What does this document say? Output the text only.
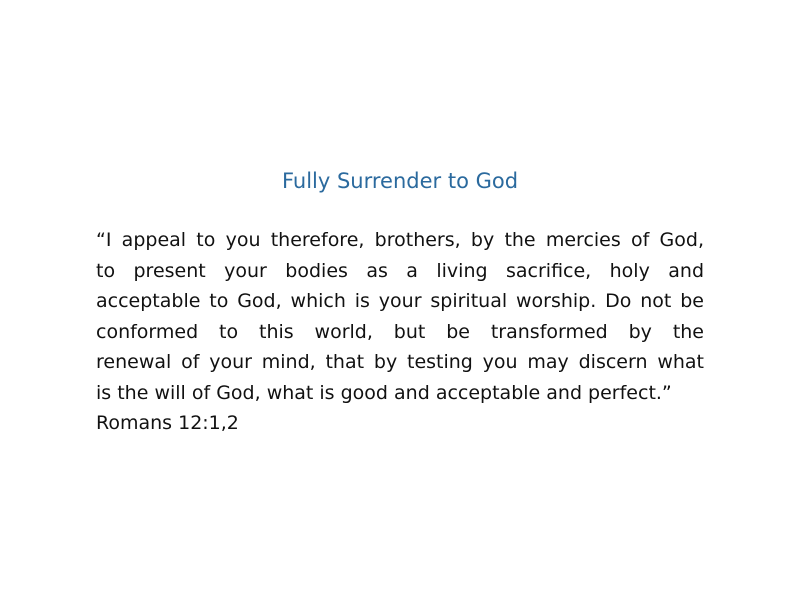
Fully Surrender to God
“I appeal to you therefore, brothers, by the mercies of God,
to present your bodies as a living sacrifice, holy and
acceptable to God, which is your spiritual worship. Do not be
conformed to this world, but be transformed by the
renewal of your mind, that by testing you may discern what
is the will of God, what is good and acceptable and perfect.”
Romans 12:1,2
